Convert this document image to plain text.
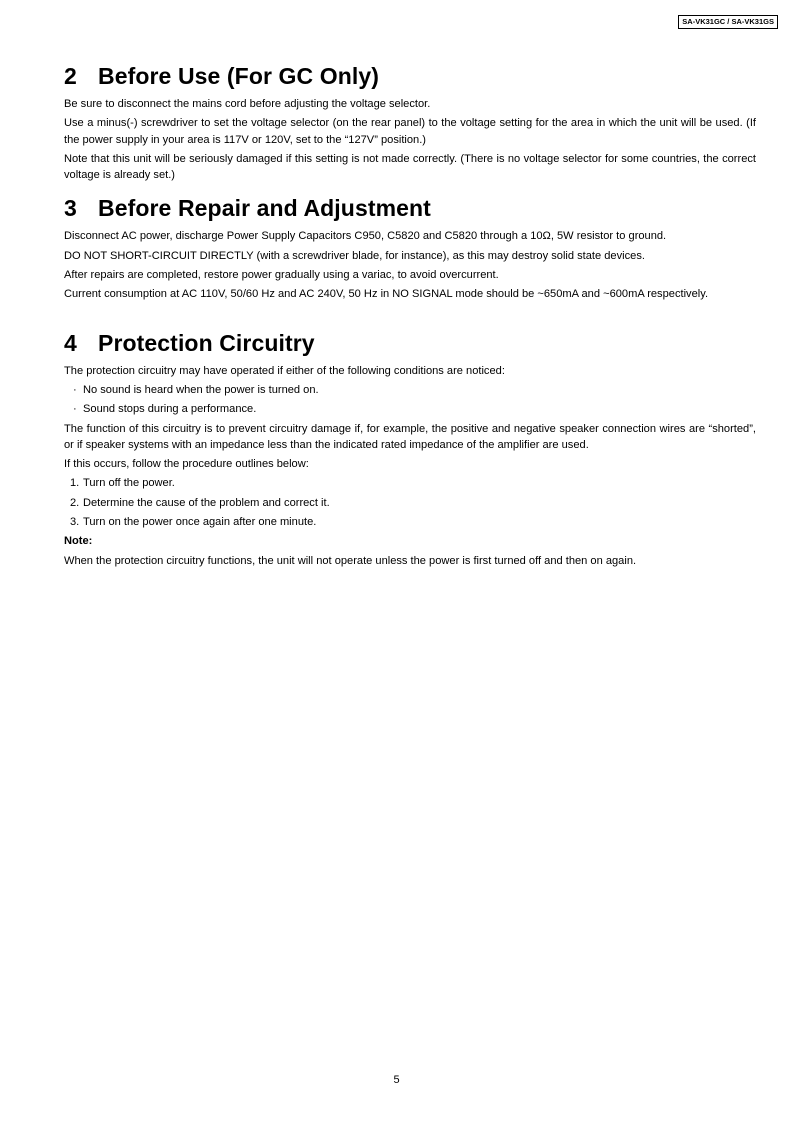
SA-VK31GC / SA-VK31GS
2 Before Use (For GC Only)

Be sure to disconnect the mains cord before adjusting the voltage selector.

Use a minus(-) screwdriver to set the voltage selector (on the rear panel) to the voltage setting for the area in which the unit will be used. (If the power supply in your area is 117V or 120V, set to the “127V” position.)

Note that this unit will be seriously damaged if this setting is not made correctly. (There is no voltage selector for some countries, the correct voltage is already set.)

3 Before Repair and Adjustment

Disconnect AC power, discharge Power Supply Capacitors C950, C5820 and C5820 through a 10Ω, 5W resistor to ground.

DO NOT SHORT-CIRCUIT DIRECTLY (with a screwdriver blade, for instance), as this may destroy solid state devices.

After repairs are completed, restore power gradually using a variac, to avoid overcurrent.

Current consumption at AC 110V, 50/60 Hz and AC 240V, 50 Hz in NO SIGNAL mode should be ~650mA and ~600mA respectively.

4 Protection Circuitry

The protection circuitry may have operated if either of the following conditions are noticed:

· No sound is heard when the power is turned on.

· Sound stops during a performance.

The function of this circuitry is to prevent circuitry damage if, for example, the positive and negative speaker connection wires are “shorted”, or if speaker systems with an impedance less than the indicated rated impedance of the amplifier are used.

If this occurs, follow the procedure outlines below:

1. Turn off the power.

2. Determine the cause of the problem and correct it.

3. Turn on the power once again after one minute.

Note:

When the protection circuitry functions, the unit will not operate unless the power is first turned off and then on again.

5
